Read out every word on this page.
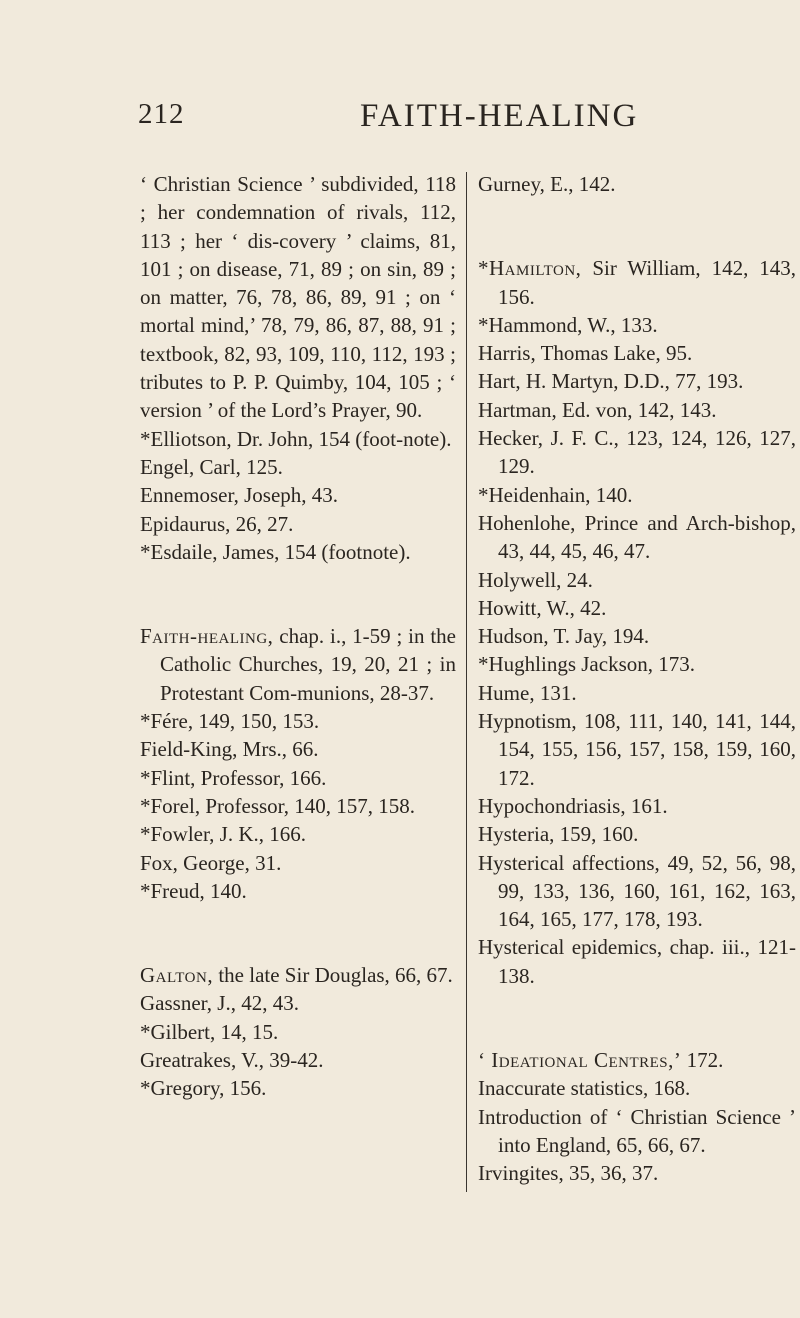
212	FAITH-HEALING
‘ Christian Science ’ subdivided, 118 ; her condemnation of rivals, 112, 113 ; her ‘ dis-covery ’ claims, 81, 101 ; on disease, 71, 89 ; on sin, 89 ; on matter, 76, 78, 86, 89, 91 ; on ‘ mortal mind,’ 78, 79, 86, 87, 88, 91 ; textbook, 82, 93, 109, 110, 112, 193 ; tributes to P. P. Quimby, 104, 105 ; ‘ version ’ of the Lord’s Prayer, 90.
*Elliotson, Dr. John, 154 (foot-note).
Engel, Carl, 125.
Ennemoser, Joseph, 43.
Epidaurus, 26, 27.
*Esdaile, James, 154 (footnote).
Faith-healing, chap. i., 1-59 ; in the Catholic Churches, 19, 20, 21 ; in Protestant Com-munions, 28-37.
*Fére, 149, 150, 153.
Field-King, Mrs., 66.
*Flint, Professor, 166.
*Forel, Professor, 140, 157, 158.
*Fowler, J. K., 166.
Fox, George, 31.
*Freud, 140.
Galton, the late Sir Douglas, 66, 67.
Gassner, J., 42, 43.
*Gilbert, 14, 15.
Greatrakes, V., 39-42.
*Gregory, 156.
Gurney, E., 142.
*Hamilton, Sir William, 142, 143, 156.
*Hammond, W., 133.
Harris, Thomas Lake, 95.
Hart, H. Martyn, D.D., 77, 193.
Hartman, Ed. von, 142, 143.
Hecker, J. F. C., 123, 124, 126, 127, 129.
*Heidenhain, 140.
Hohenlohe, Prince and Arch-bishop, 43, 44, 45, 46, 47.
Holywell, 24.
Howitt, W., 42.
Hudson, T. Jay, 194.
*Hughlings Jackson, 173.
Hume, 131.
Hypnotism, 108, 111, 140, 141, 144, 154, 155, 156, 157, 158, 159, 160, 172.
Hypochondriasis, 161.
Hysteria, 159, 160.
Hysterical affections, 49, 52, 56, 98, 99, 133, 136, 160, 161, 162, 163, 164, 165, 177, 178, 193.
Hysterical epidemics, chap. iii., 121-138.
‘ Ideational Centres,’ 172.
Inaccurate statistics, 168.
Introduction of ‘ Christian Science ’ into England, 65, 66, 67.
Irvingites, 35, 36, 37.
